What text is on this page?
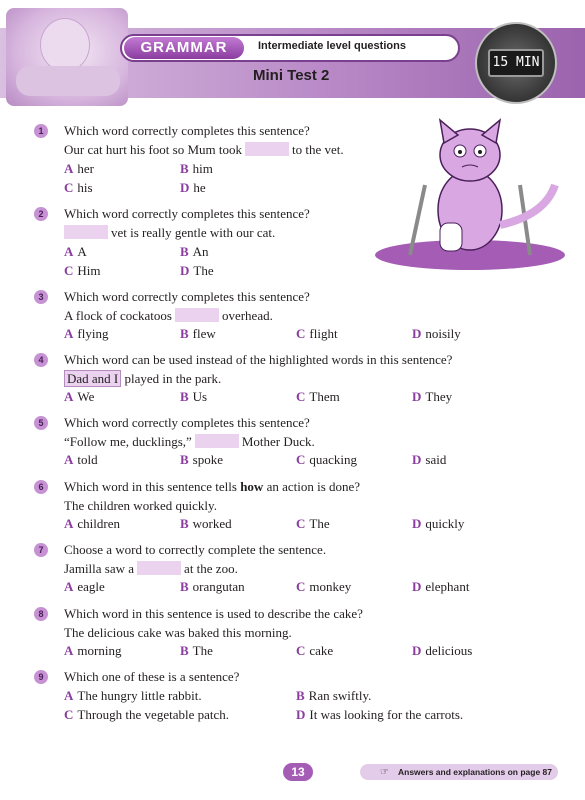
GRAMMAR	Intermediate level questions
Mini Test 2
15 MIN
1	Which word correctly completes this sentence?
Our cat hurt his foot so Mum took	to the vet.
A her	B him
C his	D he
2	Which word correctly completes this sentence?
vet is really gentle with our cat.
A A	B An
C Him	D The
3	Which word correctly completes this sentence?
A flock of cockatoos	overhead.
A flying	B flew	C flight	D noisily
4	Which word can be used instead of the highlighted words in this sentence?
Dad and I played in the park.
A We	B Us	C Them	D They
5	Which word correctly completes this sentence?
“Follow me, ducklings,”	Mother Duck.
A told	B spoke	C quacking	D said
6	Which word in this sentence tells how an action is done?
The children worked quickly.
A children	B worked	C The	D quickly
7	Choose a word to correctly complete the sentence.
Jamilla saw a	at the zoo.
A eagle	B orangutan	C monkey	D elephant
8	Which word in this sentence is used to describe the cake?
The delicious cake was baked this morning.
A morning	B The	C cake	D delicious
9	Which one of these is a sentence?
A The hungry little rabbit.	B Ran swiftly.
C Through the vegetable patch.	D It was looking for the carrots.
13	☞ Answers and explanations on page 87
